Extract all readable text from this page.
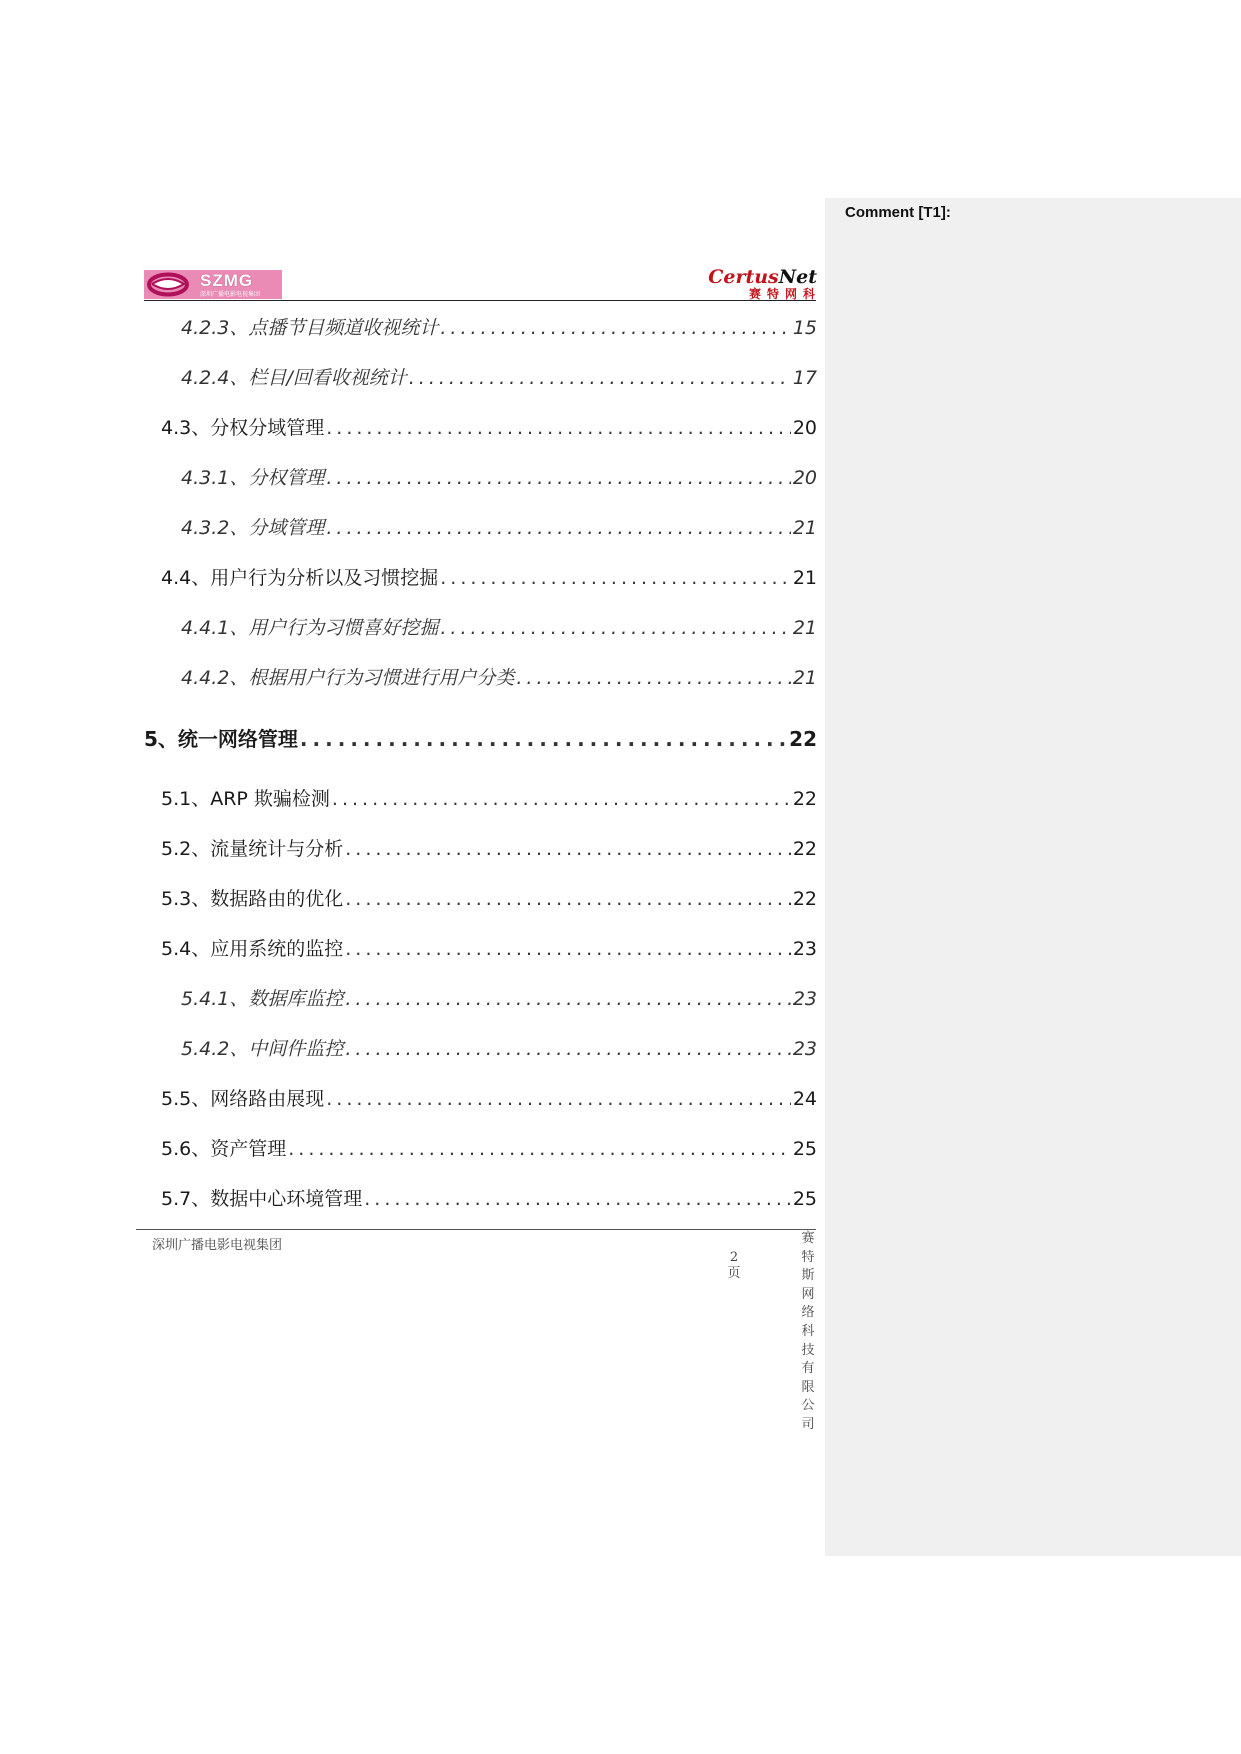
Comment [T1]:
SZMG
深圳广播电影电视集团
CertusNet
赛特网科
4.2.3、 点播节目频道收视统计 .....	15
4.2.4、 栏目/回看收视统计 .....	17
4.3、 分权分域管理 .....	20
4.3.1、 分权管理 .....	20
4.3.2、 分域管理 .....	21
4.4、 用户行为分析以及习惯挖掘 .....	21
4.4.1、 用户行为习惯喜好挖掘 .....	21
4.4.2、 根据用户行为习惯进行用户分类 .....	21
5、 统一网络管理 .....	22
5.1、 ARP 欺骗检测 .....	22
5.2、 流量统计与分析 .....	22
5.3、 数据路由的优化 .....	22
5.4、 应用系统的监控 .....	23
5.4.1、 数据库监控 .....	23
5.4.2、 中间件监控 .....	23
5.5、 网络路由展现 .....	24
5.6、 资产管理 .....	25
5.7、 数据中心环境管理 .....	25
深圳广播电影电视集团
2
页
赛特斯网络科技有限公司
